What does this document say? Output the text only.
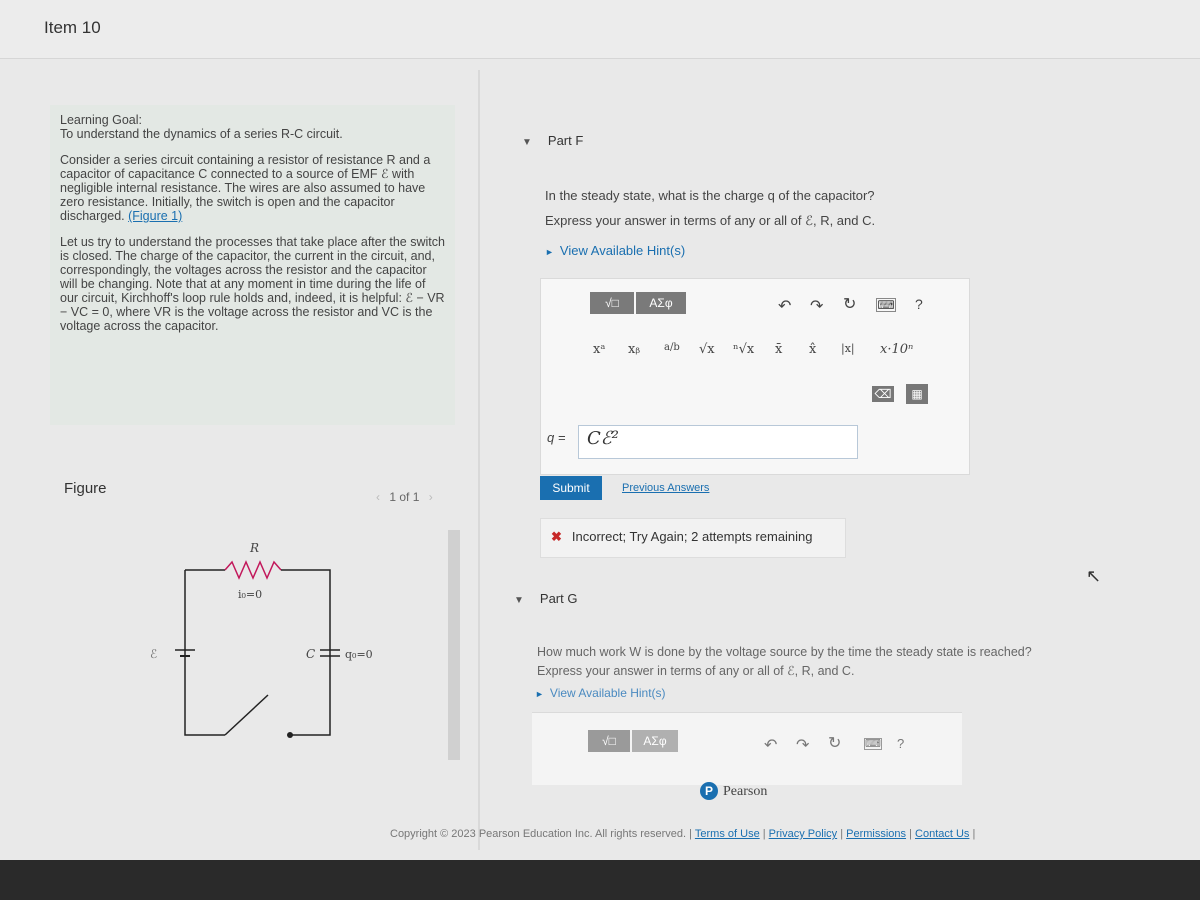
Item 10

Learning Goal:

To understand the dynamics of a series R-C circuit.

Consider a series circuit containing a resistor of resistance R and a capacitor of capacitance C connected to a source of EMF ℰ with negligible internal resistance. The wires are also assumed to have zero resistance. Initially, the switch is open and the capacitor discharged. (Figure 1)

Let us try to understand the processes that take place after the switch is closed. The charge of the capacitor, the current in the circuit, and, correspondingly, the voltages across the resistor and the capacitor will be changing. Note that at any moment in time during the life of our circuit, Kirchhoff's loop rule holds and, indeed, it is helpful: ℰ − VR − VC = 0, where VR is the voltage across the resistor and VC is the voltage across the capacitor.

Figure	‹ 1 of 1 ›
R
i₀=0
ℰ	C	q₀=0
▼ Part F
In the steady state, what is the charge q of the capacitor?
Express your answer in terms of any or all of ℰ, R, and C.
► View Available Hint(s)
√□	ΑΣφ	↶ ↷ ↻ ⌨ ?
xᵃ xᵦ a/b √x ⁿ√x x̄ x̂ |x| x·10ⁿ
⌫	▦
q =	Cℰ²
Submit	Previous Answers
✖ Incorrect; Try Again; 2 attempts remaining
▼ Part G
How much work W is done by the voltage source by the time the steady state is reached?
Express your answer in terms of any or all of ℰ, R, and C.
► View Available Hint(s)
√□	ΑΣφ	↶ ↷ ↻ ⌨ ?
P Pearson
Copyright © 2023 Pearson Education Inc. All rights reserved. | Terms of Use | Privacy Policy | Permissions | Contact Us |
↖
